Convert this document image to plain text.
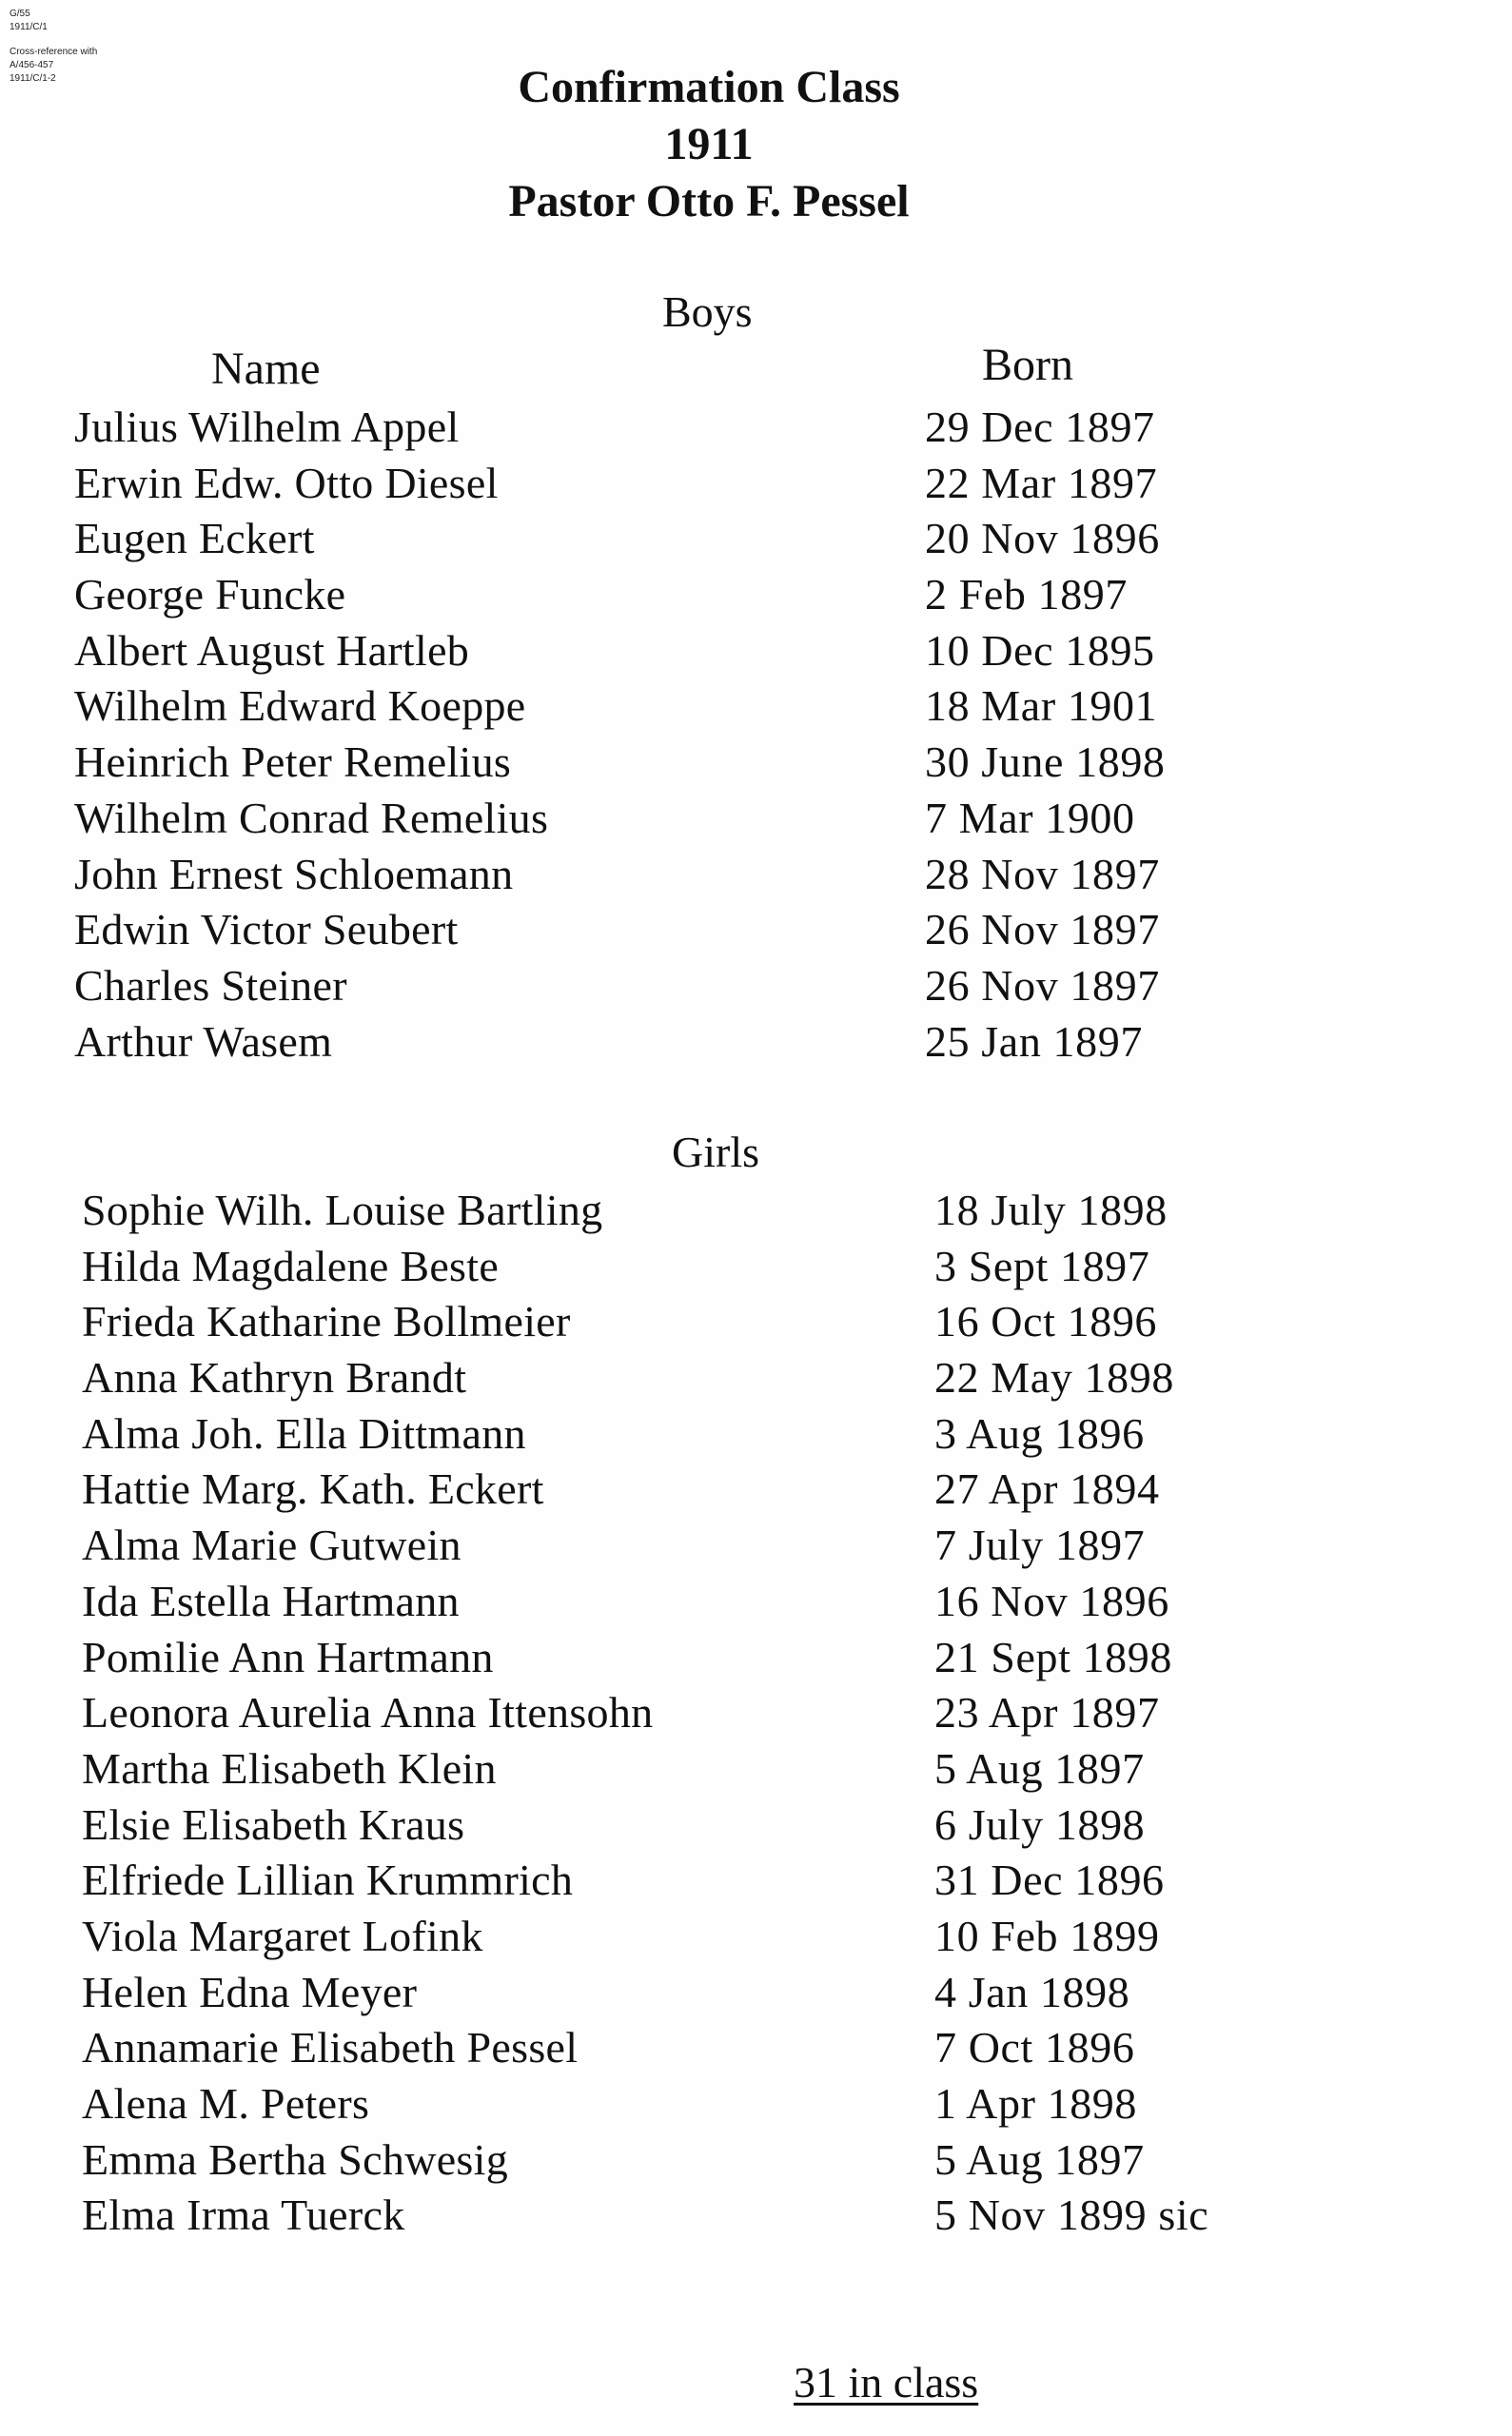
G/55
1911/C/1
Cross-reference with
A/456-457
1911/C/1-2	Confirmation Class
1911
Pastor Otto F. Pessel
Boys
Name	Born
Julius Wilhelm Appel	29 Dec 1897
Erwin Edw. Otto Diesel	22 Mar 1897
Eugen Eckert	20 Nov 1896
George Funcke	2 Feb 1897
Albert August Hartleb	10 Dec 1895
Wilhelm Edward Koeppe	18 Mar 1901
Heinrich Peter Remelius	30 June 1898
Wilhelm Conrad Remelius	7 Mar 1900
John Ernest Schloemann	28 Nov 1897
Edwin Victor Seubert	26 Nov 1897
Charles Steiner	26 Nov 1897
Arthur Wasem	25 Jan 1897
Girls
Sophie Wilh. Louise Bartling	18 July 1898
Hilda Magdalene Beste	3 Sept 1897
Frieda Katharine Bollmeier	16 Oct 1896
Anna Kathryn Brandt	22 May 1898
Alma Joh. Ella Dittmann	3 Aug 1896
Hattie Marg. Kath. Eckert	27 Apr 1894
Alma Marie Gutwein	7 July 1897
Ida Estella Hartmann	16 Nov 1896
Pomilie Ann Hartmann	21 Sept 1898
Leonora Aurelia Anna Ittensohn	23 Apr 1897
Martha Elisabeth Klein	5 Aug 1897
Elsie Elisabeth Kraus	6 July 1898
Elfriede Lillian Krummrich	31 Dec 1896
Viola Margaret Lofink	10 Feb 1899
Helen Edna Meyer	4 Jan 1898
Annamarie Elisabeth Pessel	7 Oct 1896
Alena M. Peters	1 Apr 1898
Emma Bertha Schwesig	5 Aug 1897
Elma Irma Tuerck	5 Nov 1899 sic
31 in class
